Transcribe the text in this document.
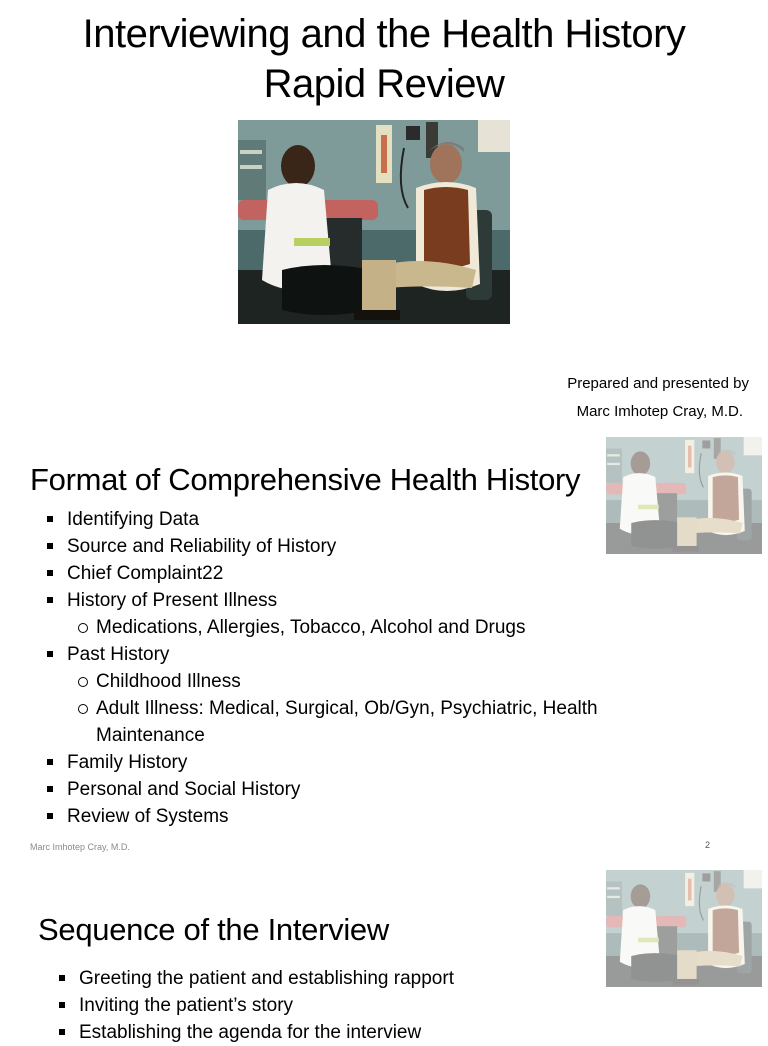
Interviewing and the Health History
Rapid Review
Prepared and presented by
Marc Imhotep Cray, M.D.
Format of Comprehensive Health History
Identifying Data
Source and Reliability of History
Chief Complaint22
History of Present Illness
Medications, Allergies, Tobacco, Alcohol and Drugs
Past History
Childhood Illness
Adult Illness: Medical, Surgical, Ob/Gyn, Psychiatric, Health Maintenance
Family History
Personal and Social History
Review of Systems
Marc Imhotep Cray, M.D.	2
Sequence of the Interview
Greeting the patient and establishing rapport
Inviting the patient’s story
Establishing the agenda for the interview
